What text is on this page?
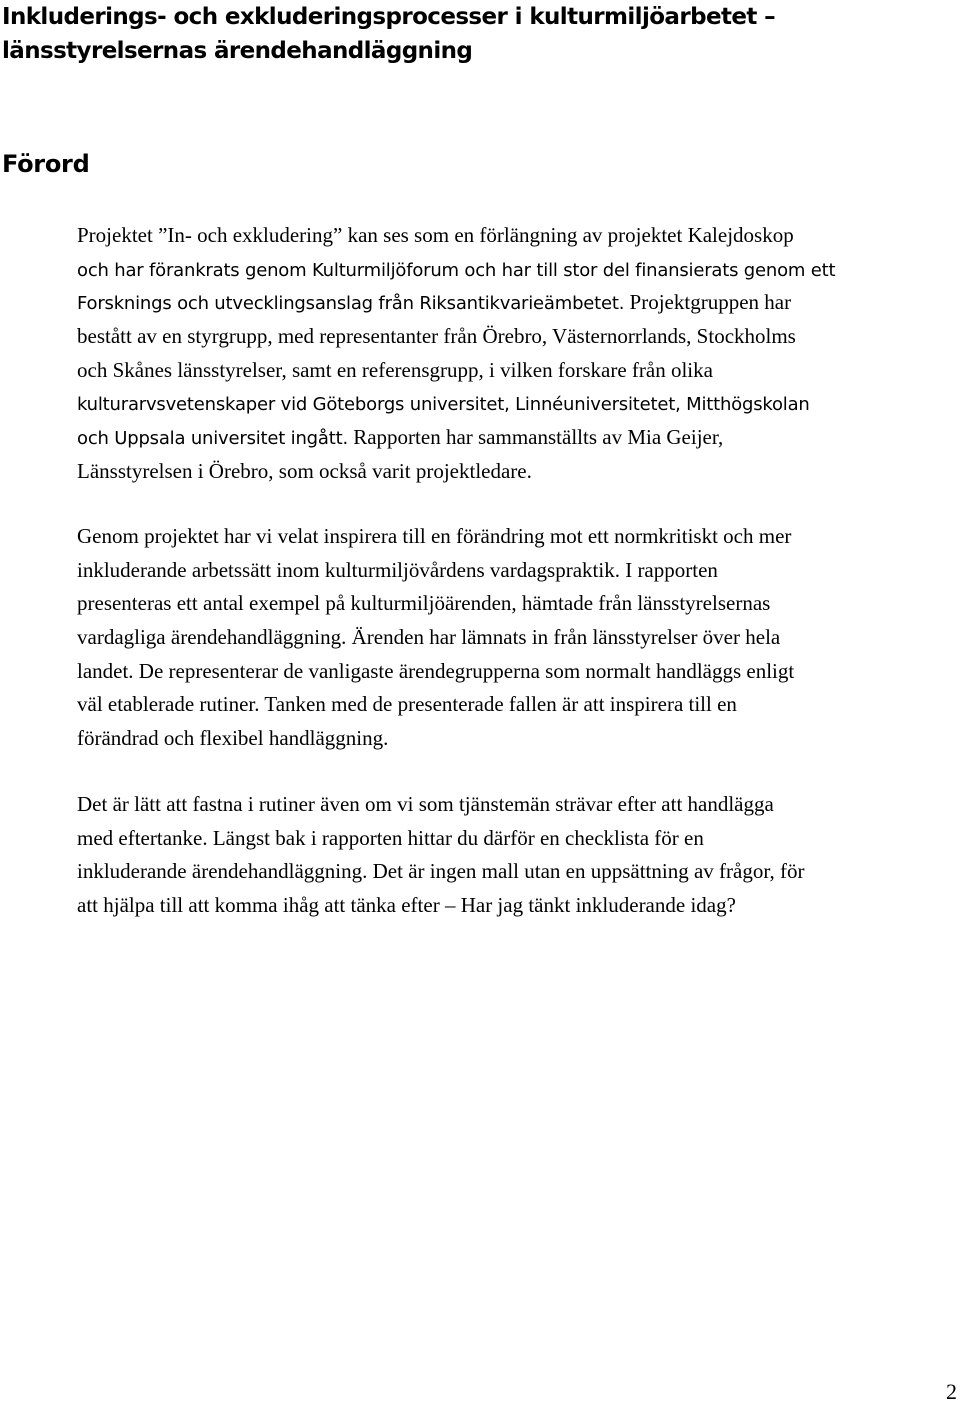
Inkluderings- och exkluderingsprocesser i kulturmiljöarbetet –
länsstyrelsernas ärendehandläggning
Förord
Projektet ”In- och exkludering” kan ses som en förlängning av projektet Kalejdoskop
och har förankrats genom Kulturmiljöforum och har till stor del finansierats genom ett
Forsknings och utvecklingsanslag från Riksantikvarieämbetet. Projektgruppen har
bestått av en styrgrupp, med representanter från Örebro, Västernorrlands, Stockholms
och Skånes länsstyrelser, samt en referensgrupp, i vilken forskare från olika
kulturarvsvetenskaper vid Göteborgs universitet, Linnéuniversitetet, Mitthögskolan
och Uppsala universitet ingått. Rapporten har sammanställts av Mia Geijer,
Länsstyrelsen i Örebro, som också varit projektledare.
Genom projektet har vi velat inspirera till en förändring mot ett normkritiskt och mer
inkluderande arbetssätt inom kulturmiljövårdens vardagspraktik. I rapporten
presenteras ett antal exempel på kulturmiljöärenden, hämtade från länsstyrelsernas
vardagliga ärendehandläggning. Ärenden har lämnats in från länsstyrelser över hela
landet. De representerar de vanligaste ärendegrupperna som normalt handläggs enligt
väl etablerade rutiner. Tanken med de presenterade fallen är att inspirera till en
förändrad och flexibel handläggning.
Det är lätt att fastna i rutiner även om vi som tjänstemän strävar efter att handlägga
med eftertanke. Längst bak i rapporten hittar du därför en checklista för en
inkluderande ärendehandläggning. Det är ingen mall utan en uppsättning av frågor, för
att hjälpa till att komma ihåg att tänka efter – Har jag tänkt inkluderande idag?
2
